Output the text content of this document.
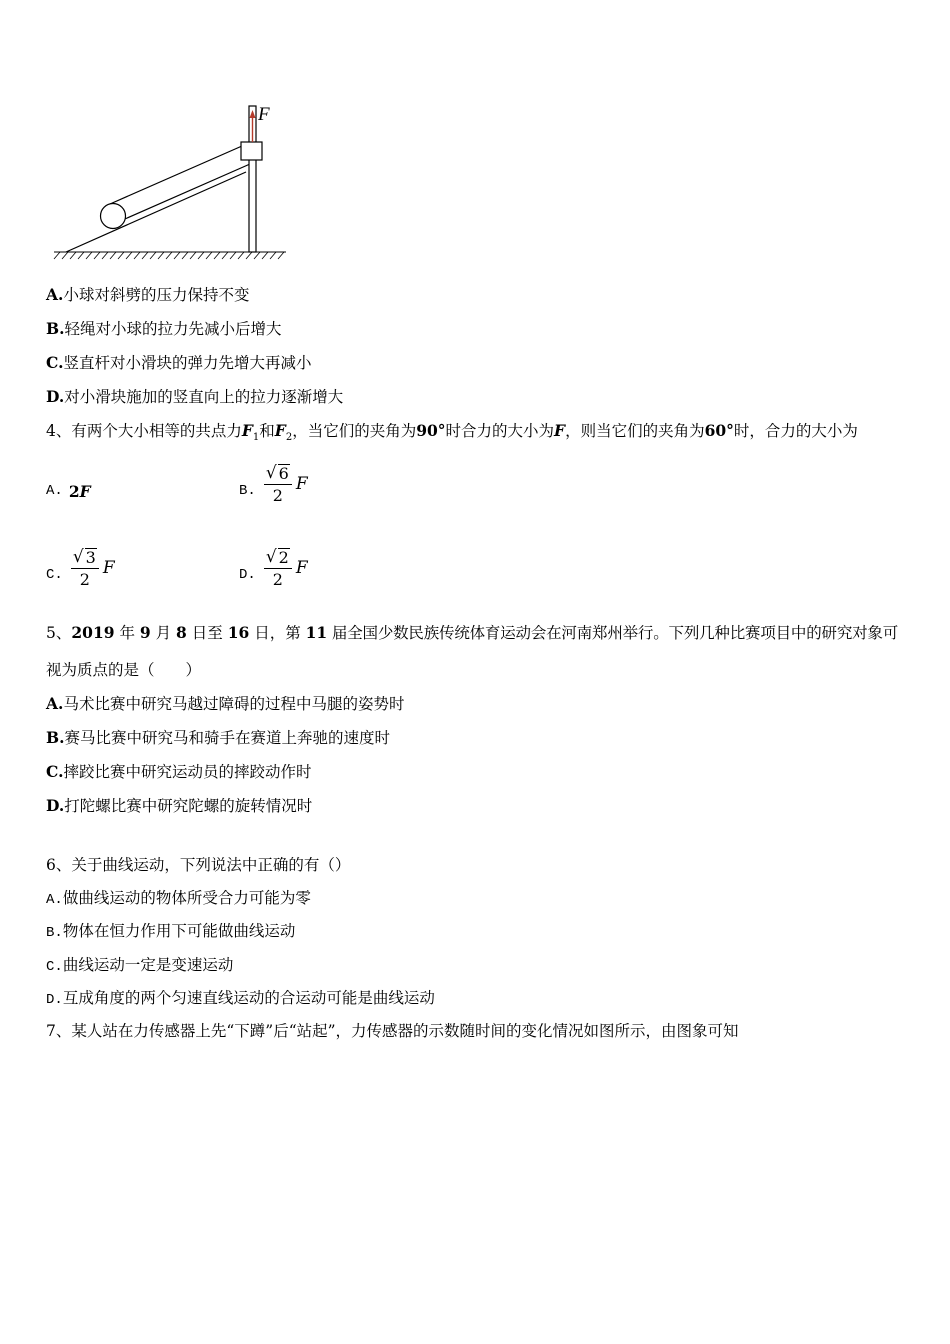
F
A.小球对斜劈的压力保持不变
B.轻绳对小球的拉力先减小后增大
C.竖直杆对小滑块的弹力先增大再减小
D.对小滑块施加的竖直向上的拉力逐渐增大
4、有两个大小相等的共点力$F_1$和$F_2$，当它们的夹角为90°时合力的大小为F，则当它们的夹角为60°时，合力的大小为
A. 2 F	B. $\frac{√ 6}{2}$ F
C. $\frac{√ 3}{2}$ F	D. $\frac{√ 2}{2}$ F
5、2019 年 9 月 8 日至 16 日，第 11 届全国少数民族传统体育运动会在河南郑州举行。下列几种比赛项目中的研究对象可
视为质点的是（　　）
A.马术比赛中研究马越过障碍的过程中马腿的姿势时
B.赛马比赛中研究马和骑手在赛道上奔驰的速度时
C.摔跤比赛中研究运动员的摔跤动作时
D.打陀螺比赛中研究陀螺的旋转情况时
6、关于曲线运动，下列说法中正确的有（）
A.做曲线运动的物体所受合力可能为零
B.物体在恒力作用下可能做曲线运动
C.曲线运动一定是变速运动
D.互成角度的两个匀速直线运动的合运动可能是曲线运动
7、某人站在力传感器上先“下蹲”后“站起”，力传感器的示数随时间的变化情况如图所示，由图象可知
